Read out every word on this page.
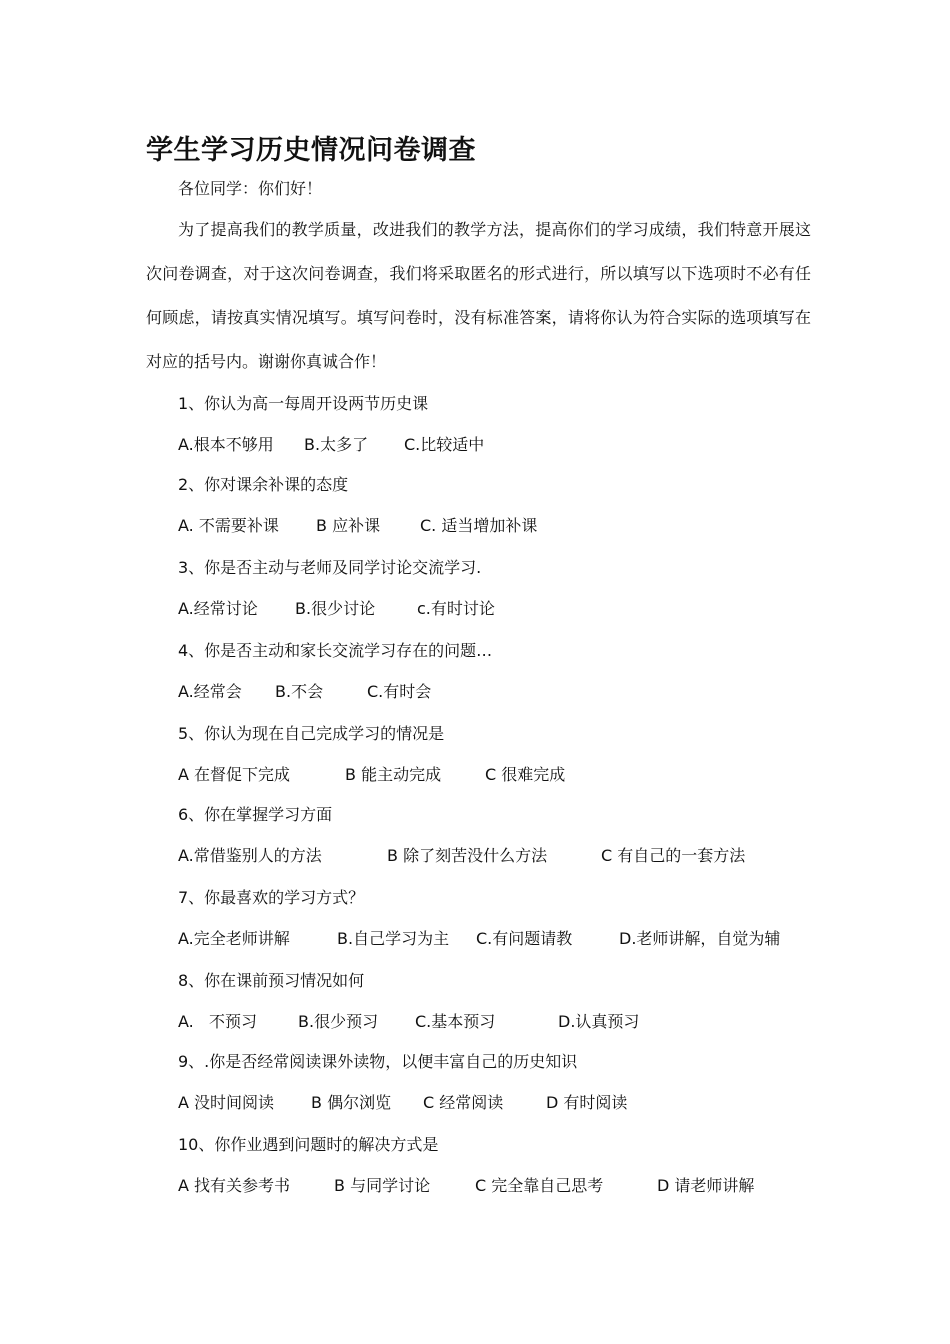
学生学习历史情况问卷调查
各位同学：你们好！

为了提高我们的教学质量，改进我们的教学方法，提高你们的学习成绩，我们特意开展这次问卷调查，对于这次问卷调查，我们将采取匿名的形式进行，所以填写以下选项时不必有任何顾虑，请按真实情况填写。填写问卷时，没有标准答案，请将你认为符合实际的选项填写在对应的括号内。谢谢你真诚合作！

1、你认为高一每周开设两节历史课
A.根本不够用 B.太多了 C.比较适中
2、你对课余补课的态度
A. 不需要补课 B 应补课 C. 适当增加补课
3、你是否主动与老师及同学讨论交流学习.
A.经常讨论 B.很少讨论	c.有时讨论
4、你是否主动和家长交流学习存在的问题…
A.经常会 B.不会	C.有时会
5、你认为现在自己完成学习的情况是
A 在督促下完成	B 能主动完成	C 很难完成
6、你在掌握学习方面
A.常借鉴别人的方法	B 除了刻苦没什么方法	C 有自己的一套方法
7、你最喜欢的学习方式？
A.完全老师讲解	B.自己学习为主 C.有问题请教	D.老师讲解，自觉为辅
8、你在课前预习情况如何
A.   不预习	B.很少预习 C.基本预习	D.认真预习
9、.你是否经常阅读课外读物，以便丰富自己的历史知识
A 没时间阅读 B 偶尔浏览 C 经常阅读	D 有时阅读
10、你作业遇到问题时的解决方式是
A 找有关参考书	B 与同学讨论	C 完全靠自己思考	D 请老师讲解
